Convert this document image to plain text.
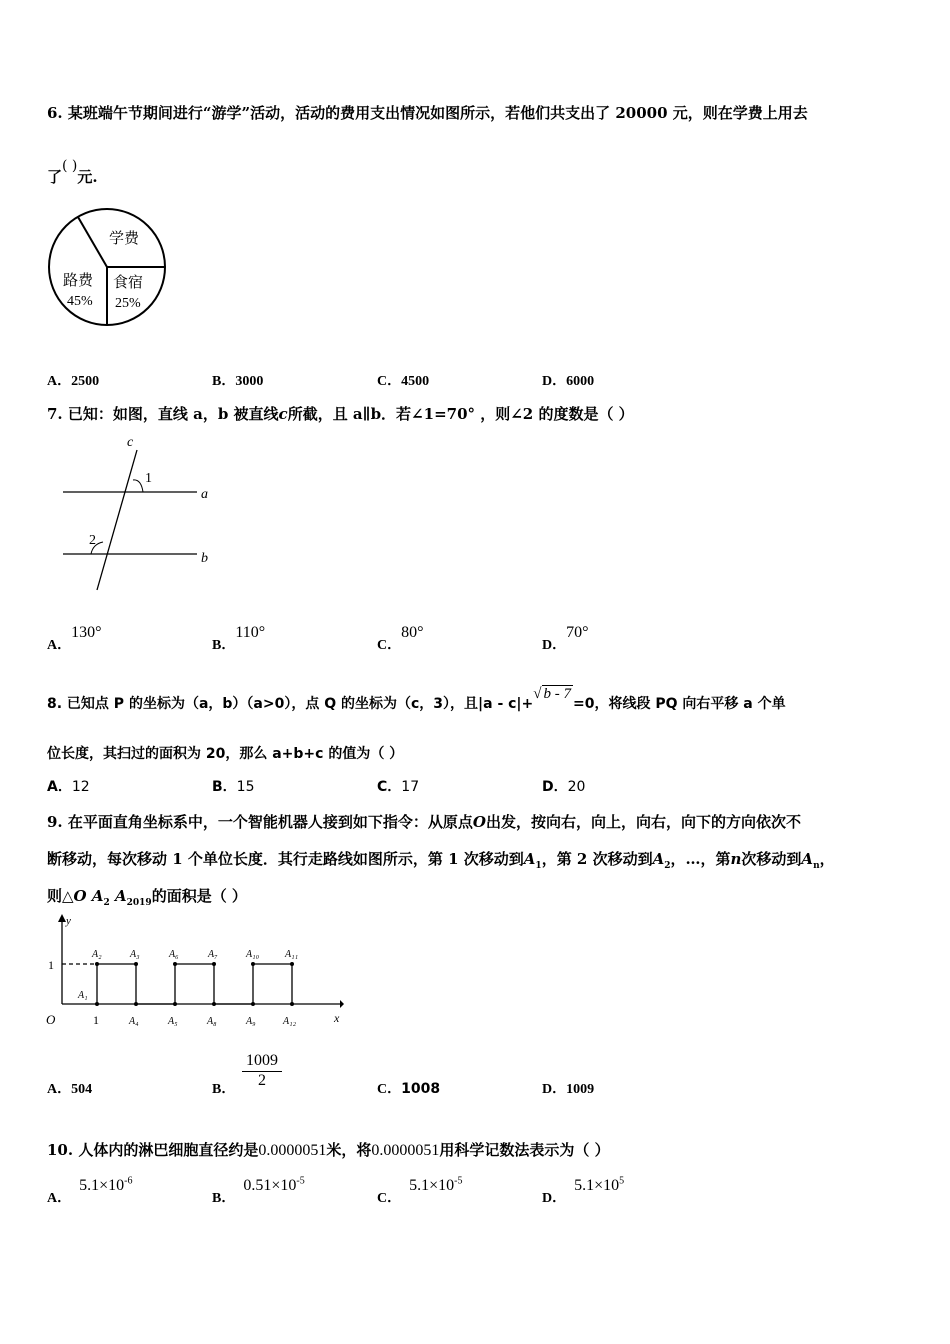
6. 某班端午节期间进行“游学”活动，活动的费用支出情况如图所示，若他们共支出了 20000 元，则在学费上用去
了( )元.
学费
路费
45%
食宿
25%
A．2500	B．3000	C．4500	D．6000
7. 已知：如图，直线 a，b 被直线c所截，且 a∥b．若∠1=70° ，则∠2 的度数是（ ）
c
1
a
2
b
A．130°
B．110°
C．80°
D．70°
8. 已知点 P 的坐标为（a，b）（a>0），点 Q 的坐标为（c，3），且|a - c|+√ b - 7=0，将线段 PQ 向右平移 a 个单
位长度，其扫过的面积为 20，那么 a+b+c 的值为（ ）
A．12	B．15	C．17	D．20
9. 在平面直角坐标系中，一个智能机器人接到如下指令：从原点O出发，按向右，向上，向右，向下的方向依次不
断移动，每次移动 1 个单位长度．其行走路线如图所示，第 1 次移动到$A_1$，第 2 次移动到$A_2$，…，第n次移动到$A_n$，
则△O $A_2$ $A_{2019}$的面积是（ ）
y
x
O	1
1
A₁
A₂	A₃	A₆	A₇	A₁₀	A₁₁
A₄	A₅	A₈	A₉	A₁₂
A．504	B． $\frac{1009}{2}$	C．1008	D．1009
10. 人体内的淋巴细胞直径约是0.0000051米，将0.0000051用科学记数法表示为（ ）
A．$5.1\times 10^{-6}$
B．$0.51\times 10^{-5}$
C．$5.1\times 10^{-5}$
D．$5.1\times 10^5$
